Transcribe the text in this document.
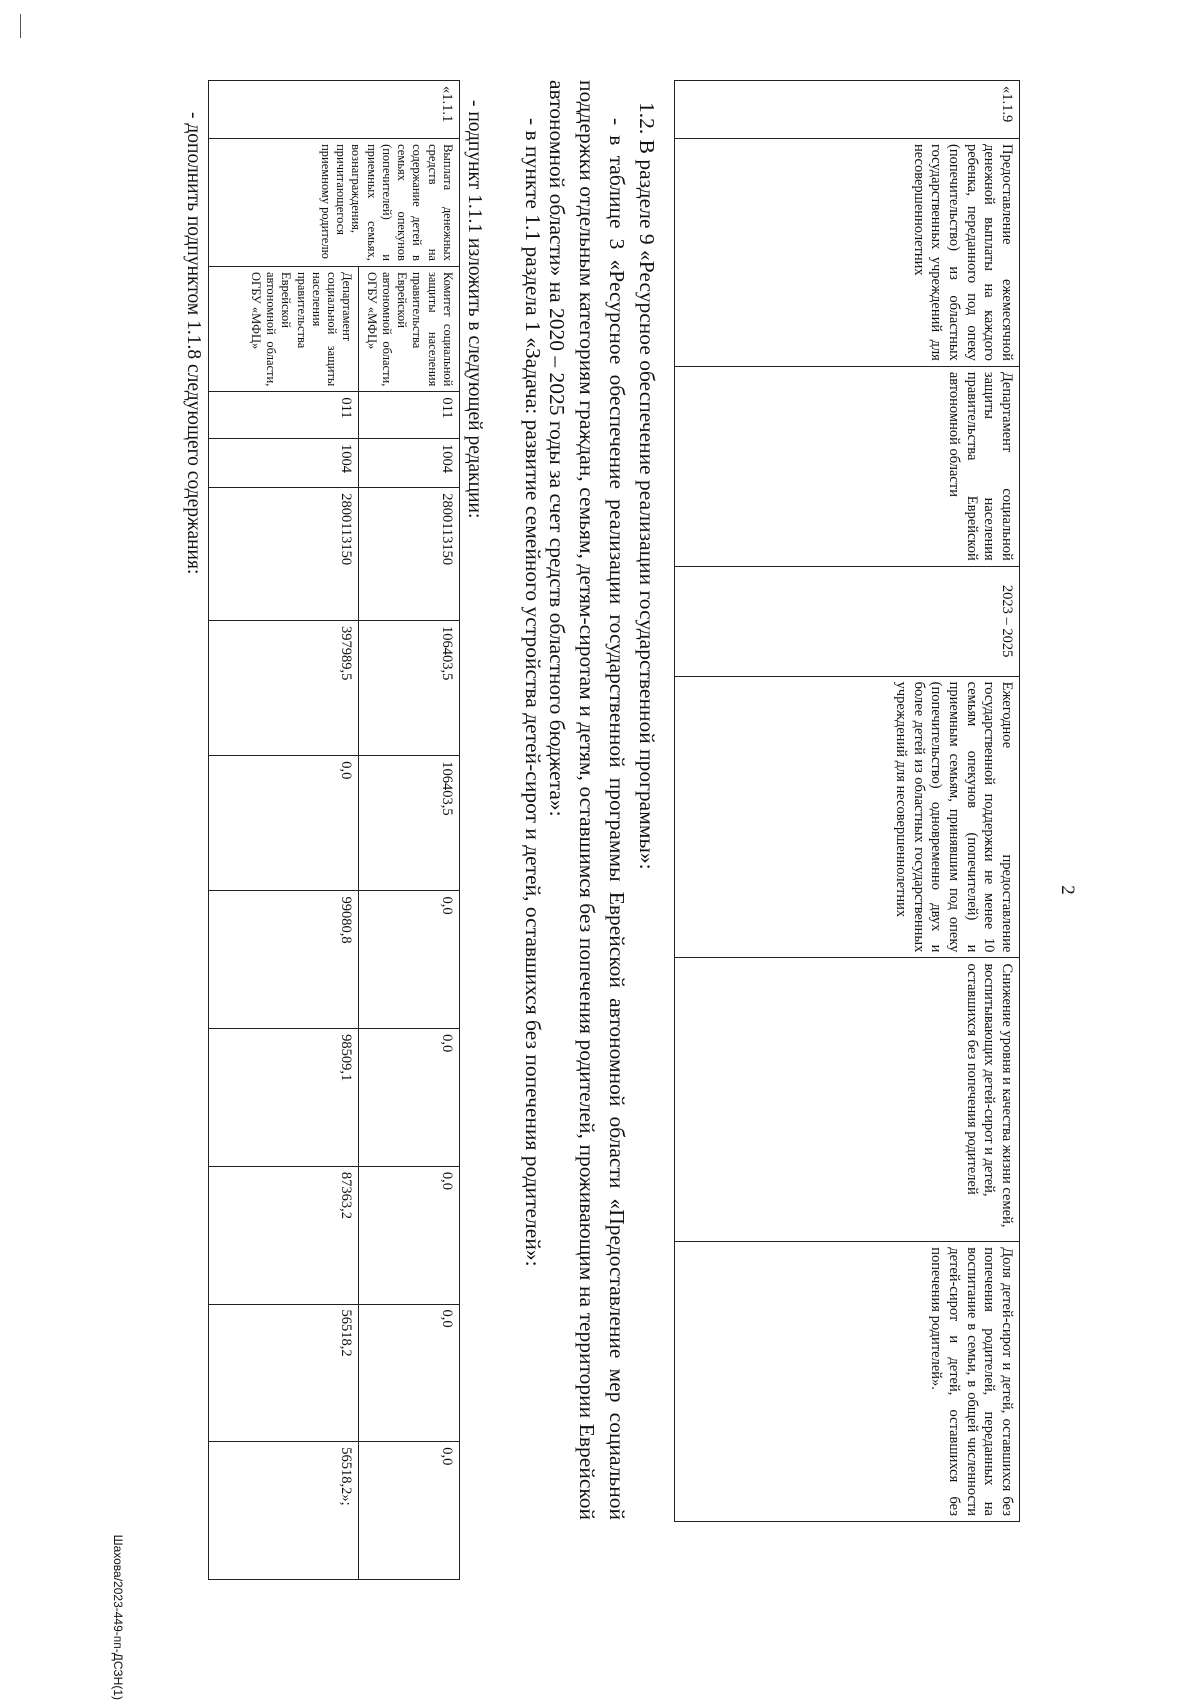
2
«1.1.9	Предоставление ежемесячной денежной выплаты на каждого ребенка, переданного под опеку (попечительство) из областных государственных учреждений для несовершеннолетних	Департамент социальной защиты населения правительства Еврейской автономной области	2023 – 2025	Ежегодное предоставление государственной поддержки не менее 10 семьям опекунов (попечителей) и приемным семьям, принявшим под опеку (попечительство) одновременно двух и более детей из областных государственных учреждений для несовершеннолетних	Снижение уровня и качества жизни семей, воспитывающих детей-сирот и детей, оставшихся без попечения родителей	Доля детей-сирот и детей, оставшихся без попечения родителей, переданных на воспитание в семьи, в общей численности детей-сирот и детей, оставшихся без попечения родителей».
1.2. В разделе 9 «Ресурсное обеспечение реализации государственной программы»:
- в таблице 3 «Ресурсное обеспечение реализации государственной программы Еврейской автономной области «Предоставление мер социальной поддержки отдельным категориям граждан, семьям, детям-сиротам и детям, оставшимся без попечения родителей, проживающим на территории Еврейской автономной области» на 2020 – 2025 годы за счет средств областного бюджета»:
- в пункте 1.1 раздела 1 «Задача: развитие семейного устройства детей-сирот и детей, оставшихся без попечения родителей»:
- подпункт 1.1.1 изложить в следующей редакции:
«1.1.1	Выплата денежных средств на содержание детей в семьях опекунов (попечителей) и приемных семьях, вознаграждения, причитающегося приемному родителю	Комитет социальной защиты населения правительства Еврейской автономной области, ОГБУ «МФЦ»	011	1004	2800113150	106403,5	106403,5	0,0	0,0	0,0	0,0	0,0
		Департамент социальной защиты населения правительства Еврейской автономной области, ОГБУ «МФЦ»	011	1004	2800113150	397989,5	0,0	99080,8	98509,1	87363,2	56518,2	56518,2»;
- дополнить подпунктом 1.1.8 следующего содержания:
Шахова/2023-449-пп-ДСЗН(1)
